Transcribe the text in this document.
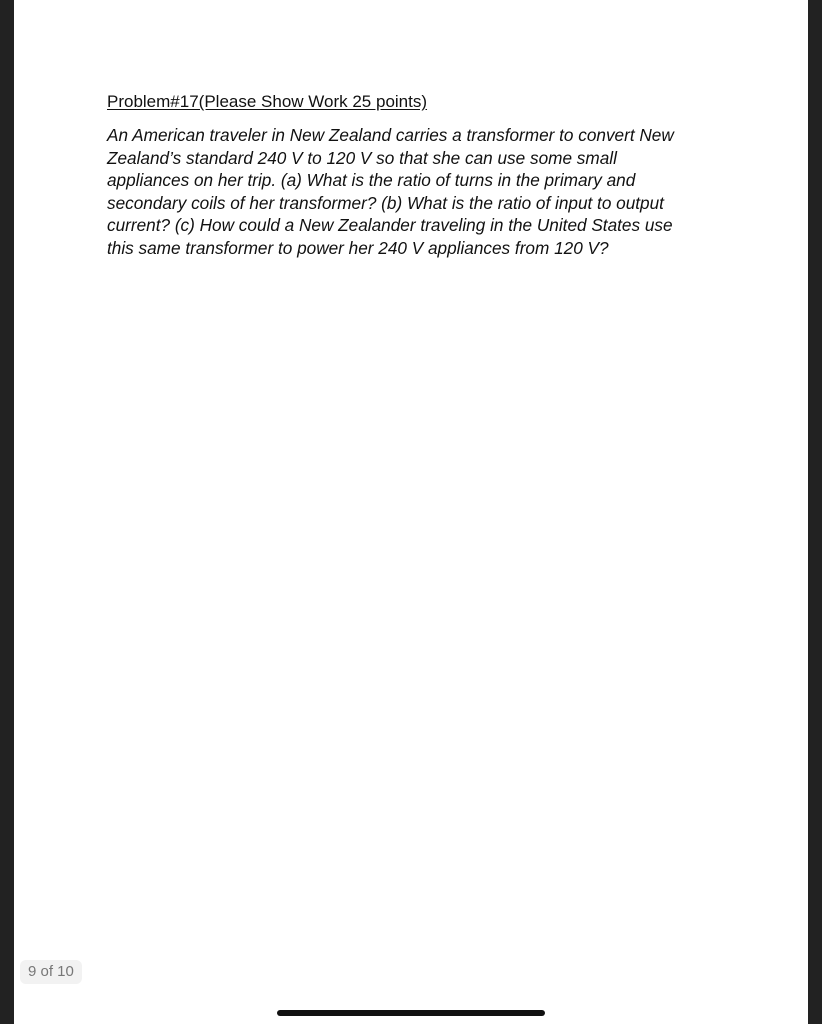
Problem#17(Please Show Work 25 points)

An American traveler in New Zealand carries a transformer to convert New
Zealand’s standard 240 V to 120 V so that she can use some small
appliances on her trip. (a) What is the ratio of turns in the primary and
secondary coils of her transformer? (b) What is the ratio of input to output
current? (c) How could a New Zealander traveling in the United States use
this same transformer to power her 240 V appliances from 120 V?

9 of 10
